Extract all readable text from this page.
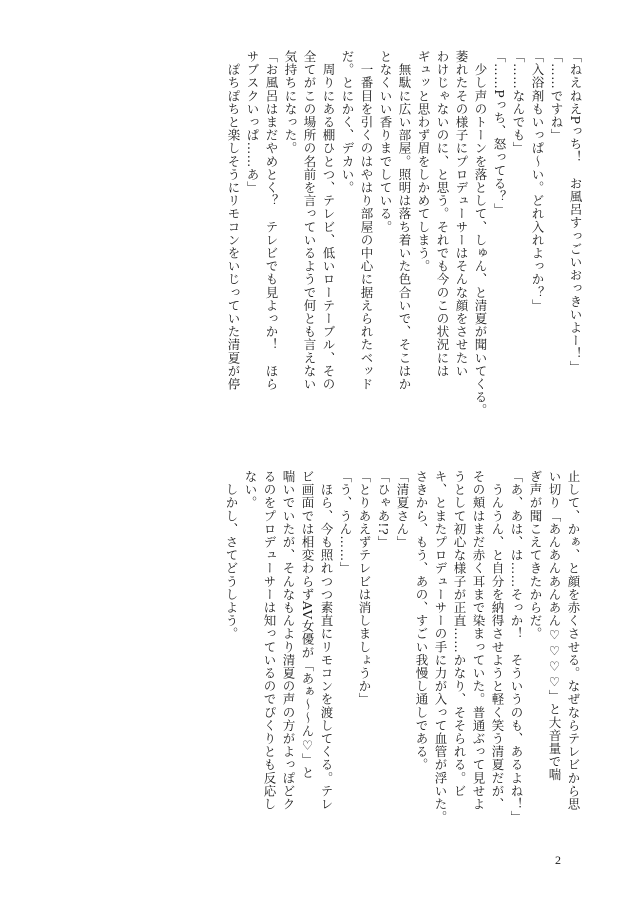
「ねえねえPっち！　お風呂すっごいおっきいよー！」
「……ですね」
「入浴剤もいっぱ〜い。どれ入れよっか？」
「……なんでも」
「……Pっち、怒ってる？」
　少し声のトーンを落として、しゅん、と清夏が聞いてくる。
萎れたその様子にプロデューサーはそんな顔をさせたい
わけじゃないのに、と思う。それでも今のこの状況には
ギュッと思わず眉をしかめてしまう。
　無駄に広い部屋。照明は落ち着いた色合いで、そこはか
となくいい香りまでしている。
　一番目を引くのはやはり部屋の中心に据えられたベッド
だ。とにかく、デカい。
　周りにある棚ひとつ、テレビ、低いローテーブル、その
全てがこの場所の名前を言っているようで何とも言えない
気持ちになった。
「お風呂はまだやめとく？　テレビでも見よっか！　ほら
サブスクいっぱ……あ」
　ぽちぽちと楽しそうにリモコンをいじっていた清夏が停
止して、かぁ、と顔を赤くさせる。なぜならテレビから思
い切り「あんあんあんあん♡♡♡♡」と大音量で喘
ぎ声が聞こえてきたからだ。
「あ、あは、は……そっか！　そういうのも、あるよね！」
　うんうん、と自分を納得させようと軽く笑う清夏だが、
その頬はまだ赤く耳まで染まっていた。普通ぶって見せよ
うとして初心な様子が正直……かなり、そそられる。ビ
キ、とまたプロデューサーの手に力が入って血管が浮いた。
さきから、もう、あの、すごい我慢し通しである。
「清夏さん」
「ひゃあ!?」
「とりあえずテレビは消しましょうか」
「う、うん……」
　ほら、今も照れつつ素直にリモコンを渡してくる。テレ
ビ画面では相変わらずAV女優が「あぁ〜〜ん♡」と
喘いでいたが、そんなもんより清夏の声の方がよっぽどク
るのをプロデューサーは知っているのでぴくりとも反応し
ない。
　しかし、さてどうしよう。
2
